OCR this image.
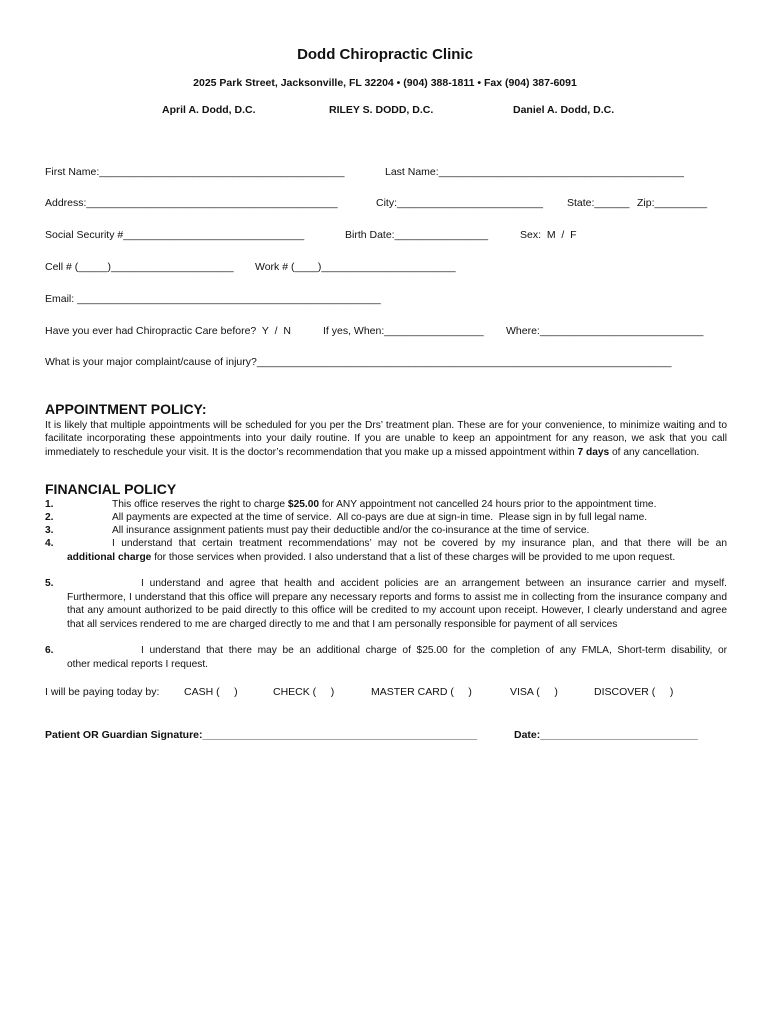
Dodd Chiropractic Clinic
2025 Park Street, Jacksonville, FL 32204 • (904) 388-1811 • Fax (904) 387-6091
April A. Dodd, D.C.	RILEY S. DODD, D.C.	Daniel A. Dodd, D.C.
First Name:__________________________________________	Last Name:__________________________________________
Address:___________________________________________	City:_________________________ State:______ Zip:_________
Social Security #_______________________________	Birth Date:________________	Sex:  M  /  F
Cell # (_____)_____________________ Work # (____)_______________________
Email: ____________________________________________________
Have you ever had Chiropractic Care before?  Y  /  N	If yes, When:_________________ Where:____________________________
What is your major complaint/cause of injury?_______________________________________________________________________
APPOINTMENT POLICY:
It is likely that multiple appointments will be scheduled for you per the Drs’ treatment plan. These are for your convenience, to minimize waiting and to facilitate incorporating these appointments into your daily routine. If you are unable to keep an appointment for any reason, we ask that you call immediately to reschedule your visit. It is the doctor’s recommendation that you make up a missed appointment within 7 days of any cancellation.
FINANCIAL POLICY
1.	This office reserves the right to charge $25.00 for ANY appointment not cancelled 24 hours prior to the appointment time.
2.	All payments are expected at the time of service.  All co-pays are due at sign-in time.  Please sign in by full legal name.
3.	All insurance assignment patients must pay their deductible and/or the co-insurance at the time of service.
4.	I understand that certain treatment recommendations’ may not be covered by my insurance plan, and that there will be an
additional charge for those services when provided. I also understand that a list of these charges will be provided to me upon request.
5.	I understand and agree that health and accident policies are an arrangement between an insurance carrier and myself.
Furthermore, I understand that this office will prepare any necessary reports and forms to assist me in collecting from the insurance company and that any amount authorized to be paid directly to this office will be credited to my account upon receipt. However, I clearly understand and agree that all services rendered to me are charged directly to me and that I am personally responsible for payment of all services
6.	I understand that there may be an additional charge of $25.00 for the completion of any FMLA, Short-term disability, or
other medical reports I request.
I will be paying today by: CASH (     )	CHECK (     )	MASTER CARD (     )	VISA (     )	DISCOVER (     )
Patient OR Guardian Signature:_______________________________________________	Date:___________________________
